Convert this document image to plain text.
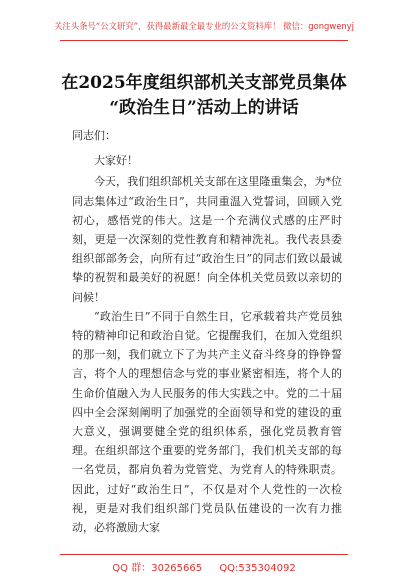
关注头条号“公文研究”，获得最新最全最专业的公文资料库！ 微信：gongwenyj
在2025年度组织部机关支部党员集体
“政治生日”活动上的讲话

同志们：

大家好！

今天，我们组织部机关支部在这里隆重集会，为*位同志集体过“政治生日”，共同重温入党誓词，回顾入党初心，感悟党的伟大。这是一个充满仪式感的庄严时刻，更是一次深刻的党性教育和精神洗礼。我代表县委组织部部务会，向所有过“政治生日”的同志们致以最诚挚的祝贺和最美好的祝愿！向全体机关党员致以亲切的问候！

“政治生日”不同于自然生日，它承载着共产党员独特的精神印记和政治自觉。它提醒我们，在加入党组织的那一刻，我们就立下了为共产主义奋斗终身的铮铮誓言，将个人的理想信念与党的事业紧密相连，将个人的生命价值融入为人民服务的伟大实践之中。党的二十届四中全会深刻阐明了加强党的全面领导和党的建设的重大意义，强调要健全党的组织体系，强化党员教育管理。在组织部这个重要的党务部门，我们机关支部的每一名党员，都肩负着为党管党、为党育人的特殊职责。因此，过好“政治生日”，不仅是对个人党性的一次检视，更是对我们组织部门党员队伍建设的一次有力推动，必将激励大家

QQ 群：30265665 QQ:535304092
